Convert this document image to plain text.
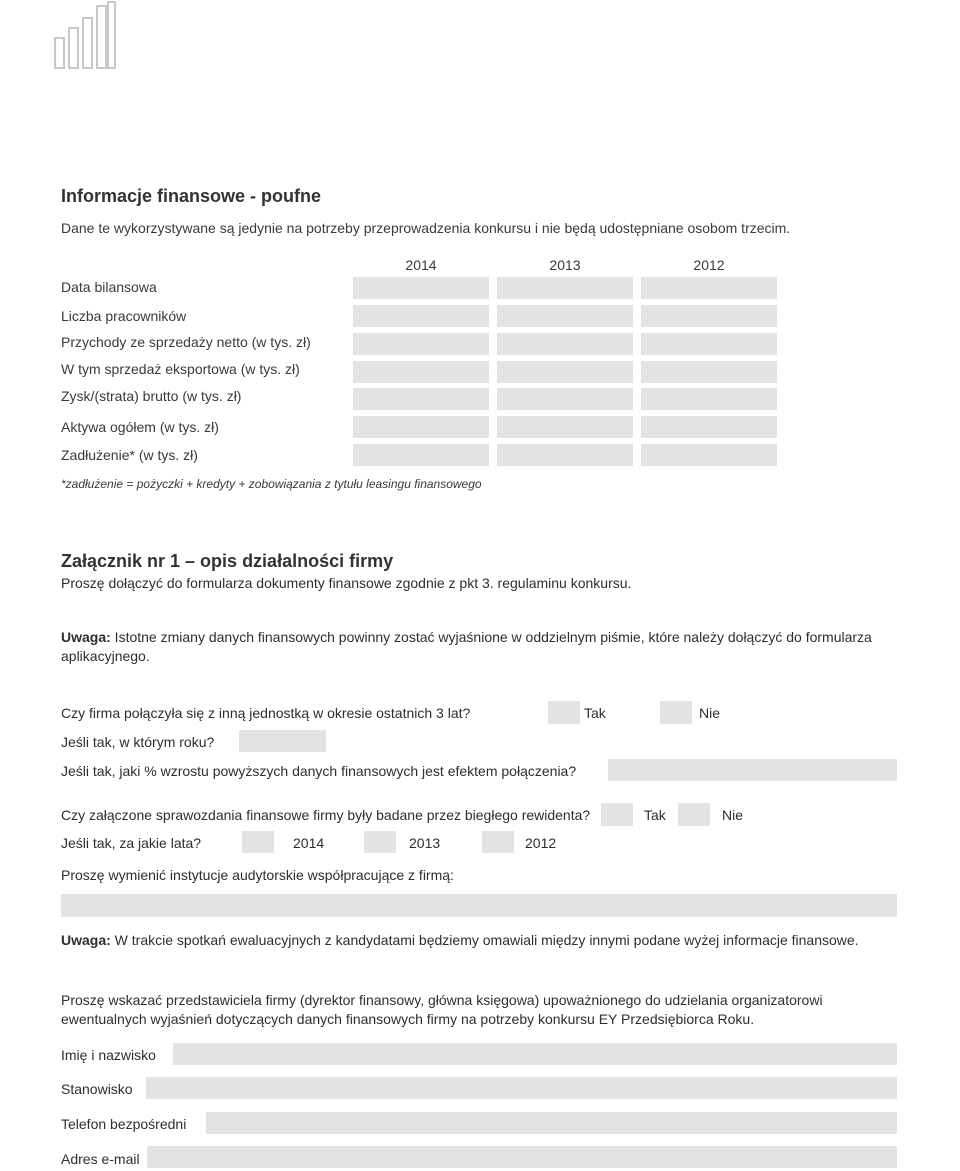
Informacje finansowe - poufne
Dane te wykorzystywane są jedynie na potrzeby przeprowadzenia konkursu i nie będą udostępniane osobom trzecim.
2014	2013	2012
Data bilansowa
Liczba pracowników
Przychody ze sprzedaży netto (w tys. zł)
W tym sprzedaż eksportowa (w tys. zł)
Zysk/(strata) brutto (w tys. zł)
Aktywa ogółem (w tys. zł)
Zadłużenie* (w tys. zł)
*zadłużenie = pożyczki + kredyty + zobowiązania z tytułu leasingu finansowego
Załącznik nr 1 – opis działalności firmy
Proszę dołączyć do formularza dokumenty finansowe zgodnie z pkt 3. regulaminu konkursu.
Uwaga: Istotne zmiany danych finansowych powinny zostać wyjaśnione w oddzielnym piśmie, które należy dołączyć do formularza aplikacyjnego.
Czy firma połączyła się z inną jednostką w okresie ostatnich 3 lat?	Tak	Nie
Jeśli tak, w którym roku?
Jeśli tak, jaki % wzrostu powyższych danych finansowych jest efektem połączenia?
Czy załączone sprawozdania finansowe firmy były badane przez biegłego rewidenta?	Tak	Nie
Jeśli tak, za jakie lata?	2014	2013	2012
Proszę wymienić instytucje audytorskie współpracujące z firmą:
Uwaga: W trakcie spotkań ewaluacyjnych z kandydatami będziemy omawiali między innymi podane wyżej informacje finansowe.
Proszę wskazać przedstawiciela firmy (dyrektor finansowy, główna księgowa) upoważnionego do udzielania organizatorowi ewentualnych wyjaśnień dotyczących danych finansowych firmy na potrzeby konkursu EY Przedsiębiorca Roku.
Imię i nazwisko
Stanowisko
Telefon bezpośredni
Adres e-mail
